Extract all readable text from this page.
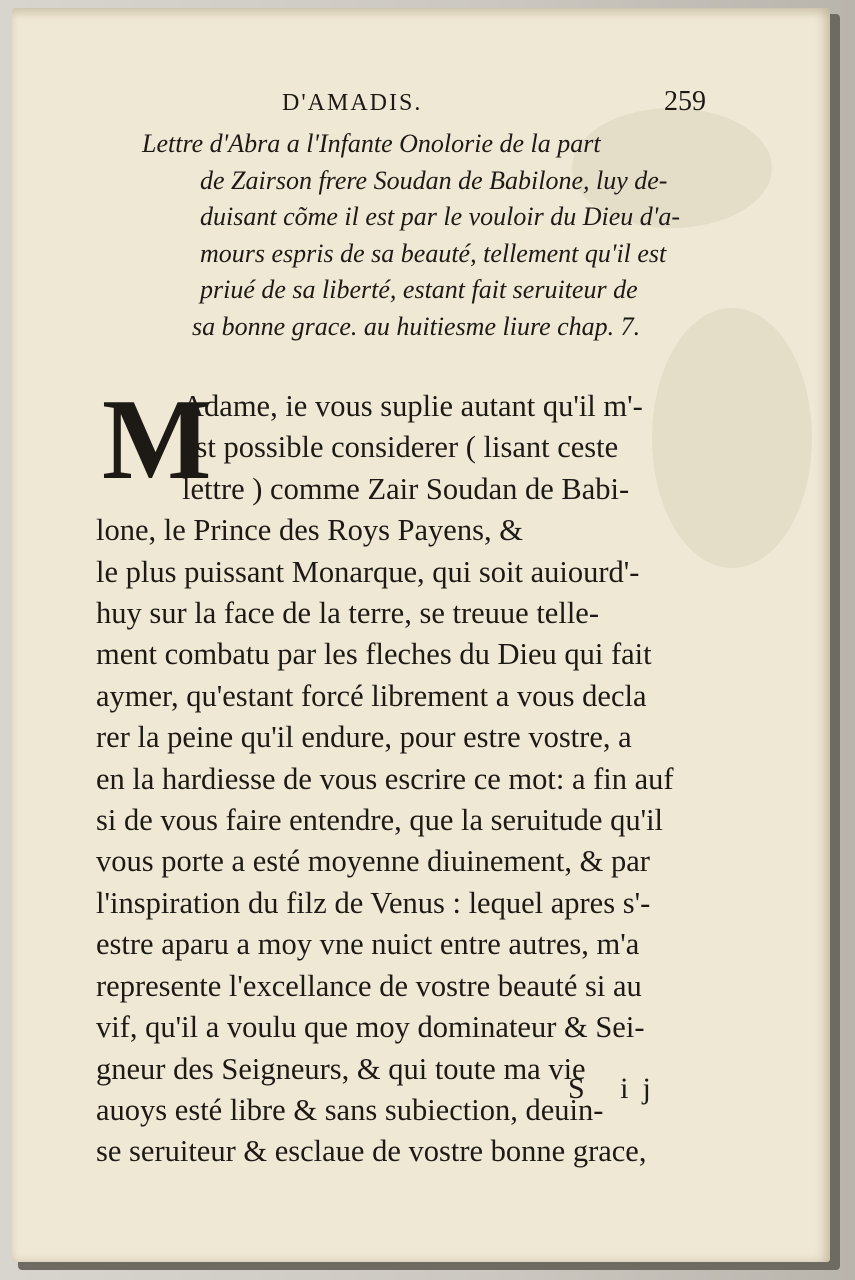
D'AMADIS.	259
Lettre d'Abra a l'Infante Onolorie de la part
de Zairson frere Soudan de Babilone, luy de-
duisant cõme il est par le vouloir du Dieu d'a-
mours espris de sa beauté, tellement qu'il est
priué de sa liberté, estant fait seruiteur de
sa bonne grace. au huitiesme liure chap. 7.
M
Adame, ie vous suplie autant qu'il m'-
est possible considerer ( lisant ceste
lettre ) comme Zair Soudan de Babi-
lone, le Prince des Roys Payens, &
le plus puissant Monarque, qui soit auiourd'-
huy sur la face de la terre, se treuue telle-
ment combatu par les fleches du Dieu qui fait
aymer, qu'estant forcé librement a vous decla
rer la peine qu'il endure, pour estre vostre, a
en la hardiesse de vous escrire ce mot: a fin auf
si de vous faire entendre, que la seruitude qu'il
vous porte a esté moyenne diuinement, & par
l'inspiration du filz de Venus : lequel apres s'-
estre aparu a moy vne nuict entre autres, m'a
represente l'excellance de vostre beauté si au
vif, qu'il a voulu que moy dominateur & Sei-
gneur des Seigneurs, & qui toute ma vie
auoys esté libre & sans subiection, deuin-
se seruiteur & esclaue de vostre bonne grace,
S ij
